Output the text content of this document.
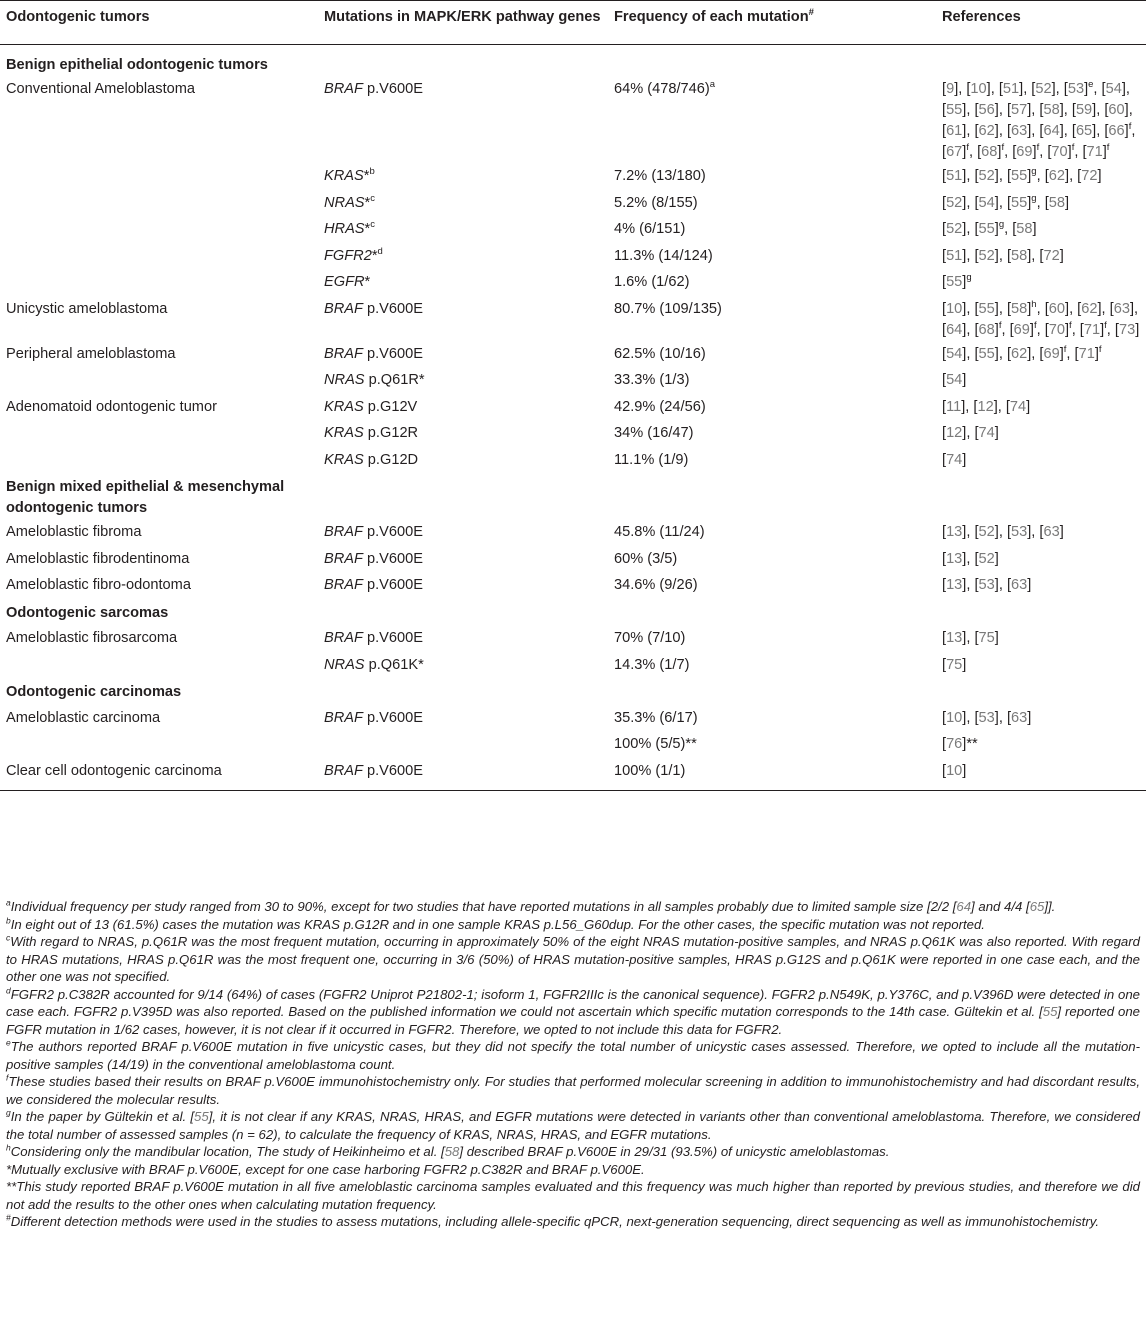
Odontogenic tumors	Mutations in MAPK/ERK pathway genes	Frequency of each mutation#	References
Benign epithelial odontogenic tumors			
Conventional Ameloblastoma	BRAF p.V600E	64% $(478/746)^a$	[9], [10], [51], [52], $[53]^e$, [54], [55], [56], [57], [58], [59], [60], [61], [62], [63], [64], [65], $[66]^f$, $[67]^f$, $[68]^f$, $[69]^f$, $[70]^f$, $[71]^f$
	KRAS*$^b$	7.2% (13/180)	[51], [52], $[55]^g$, [62], [72]
	NRAS*$^c$	5.2% (8/155)	[52], [54], $[55]^g$, [58]
	HRAS*$^c$	4% (6/151)	[52], $[55]^g$, [58]
	FGFR2*$^d$	11.3% (14/124)	[51], [52], [58], [72]
	EGFR*	1.6% (1/62)	$[55]^g$
Unicystic ameloblastoma	BRAF p.V600E	80.7% (109/135)	[10], [55], $[58]^h$, [60], [62], [63], [64], $[68]^f$, $[69]^f$, $[70]^f$, $[71]^f$, [73]
Peripheral ameloblastoma	BRAF p.V600E	62.5% (10/16)	[54], [55], [62], $[69]^f$, $[71]^f$
	NRAS p.Q61R*	33.3% (1/3)	[54]
Adenomatoid odontogenic tumor	KRAS p.G12V	42.9% (24/56)	[11], [12], [74]
	KRAS p.G12R	34% (16/47)	[12], [74]
	KRAS p.G12D	11.1% (1/9)	[74]
Benign mixed epithelial & mesenchymal odontogenic tumors			
Ameloblastic fibroma	BRAF p.V600E	45.8% (11/24)	[13], [52], [53], [63]
Ameloblastic fibrodentinoma	BRAF p.V600E	60% (3/5)	[13], [52]
Ameloblastic fibro-odontoma	BRAF p.V600E	34.6% (9/26)	[13], [53], [63]
Odontogenic sarcomas			
Ameloblastic fibrosarcoma	BRAF p.V600E	70% (7/10)	[13], [75]
	NRAS p.Q61K*	14.3% (1/7)	[75]
Odontogenic carcinomas			
Ameloblastic carcinoma	BRAF p.V600E	35.3% (6/17)	[10], [53], [63]
		100% (5/5)**	[76]**
Clear cell odontogenic carcinoma	BRAF p.V600E	100% (1/1)	[10]

$^a$Individual frequency per study ranged from 30 to 90%, except for two studies that have reported mutations in all samples probably due to limited sample size [2/2 [64] and 4/4 [65]].

$^b$In eight out of 13 (61.5%) cases the mutation was KRAS p.G12R and in one sample KRAS p.L56_G60dup. For the other cases, the specific mutation was not reported.

$^c$With regard to NRAS, p.Q61R was the most frequent mutation, occurring in approximately 50% of the eight NRAS mutation-positive samples, and NRAS p.Q61K was also reported. With regard to HRAS mutations, HRAS p.Q61R was the most frequent one, occurring in 3/6 (50%) of HRAS mutation-positive samples, HRAS p.G12S and p.Q61K were reported in one case each, and the other one was not specified.

$^d$FGFR2 p.C382R accounted for 9/14 (64%) of cases (FGFR2 Uniprot P21802-1; isoform 1, FGFR2IIIc is the canonical sequence). FGFR2 p.N549K, p.Y376C, and p.V396D were detected in one case each. FGFR2 p.V395D was also reported. Based on the published information we could not ascertain which specific mutation corresponds to the 14th case. Gültekin et al. [55] reported one FGFR mutation in 1/62 cases, however, it is not clear if it occurred in FGFR2. Therefore, we opted to not include this data for FGFR2.

$^e$The authors reported BRAF p.V600E mutation in five unicystic cases, but they did not specify the total number of unicystic cases assessed. Therefore, we opted to include all the mutation-positive samples (14/19) in the conventional ameloblastoma count.

$^f$These studies based their results on BRAF p.V600E immunohistochemistry only. For studies that performed molecular screening in addition to immunohistochemistry and had discordant results, we considered the molecular results.

$^g$In the paper by Gültekin et al. [55], it is not clear if any KRAS, NRAS, HRAS, and EGFR mutations were detected in variants other than conventional ameloblastoma. Therefore, we considered the total number of assessed samples (n = 62), to calculate the frequency of KRAS, NRAS, HRAS, and EGFR mutations.

$^h$Considering only the mandibular location, The study of Heikinheimo et al. [58] described BRAF p.V600E in 29/31 (93.5%) of unicystic ameloblastomas.

*Mutually exclusive with BRAF p.V600E, except for one case harboring FGFR2 p.C382R and BRAF p.V600E.

**This study reported BRAF p.V600E mutation in all five ameloblastic carcinoma samples evaluated and this frequency was much higher than reported by previous studies, and therefore we did not add the results to the other ones when calculating mutation frequency.

#Different detection methods were used in the studies to assess mutations, including allele-specific qPCR, next-generation sequencing, direct sequencing as well as immunohistochemistry.
